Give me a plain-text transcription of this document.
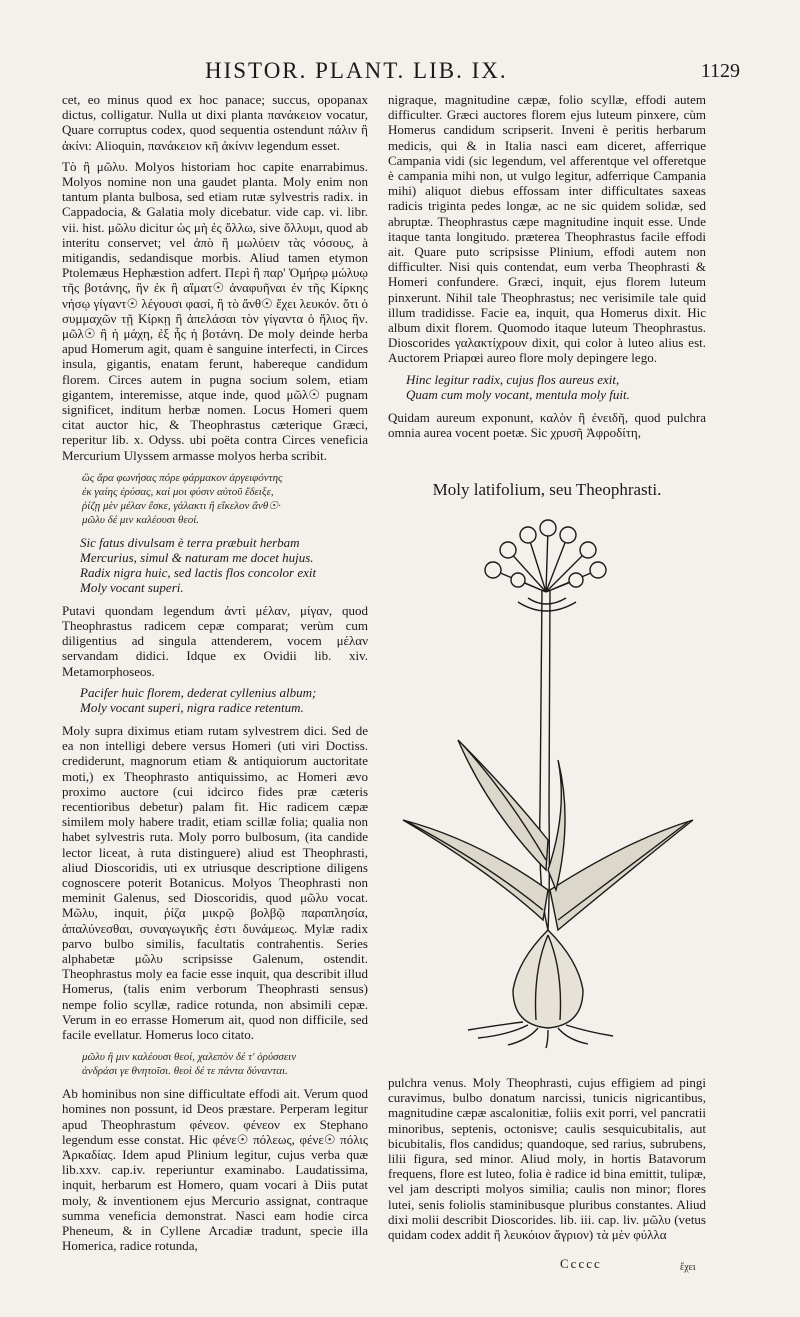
HISTOR. PLANT. LIB. IX.	1129

cet, eo minus quod ex hoc panace; succus, opopanax dictus, colligatur. Nulla ut dixi planta πανάκειον vocatur, Quare corruptus codex, quod sequentia ostendunt πάλιν ἢ ἀκίνι: Alioquin, πανάκειον κῆ ἀκίνιν legendum esset.

Τὸ ἢ μῶλυ. Molyos historiam hoc capite enarrabimus. Molyos nomine non una gaudet planta. Moly enim non tantum planta bulbosa, sed etiam rutæ sylvestris radix. in Cappadocia, & Galatia moly dicebatur. vide cap. vi. libr. vii. hist. μῶλυ dicitur ὡς μὴ ἐς ὄλλω, sive ὄλλυμι, quod ab interitu conservet; vel ἀπὸ ἢ μωλύειν τὰς νόσους, à mitigandis, sedandisque morbis. Aliud tamen etymon Ptolemæus Hephæstion adfert. Περὶ ἢ παρ' Ὁμήρῳ μώλυῳ τῆς βοτάνης, ἣν ἐκ ἢ αἵματ☉ ἀναφυῆναι ἐν τῆς Κίρκης νήσῳ γίγαντ☉ λέγουσι φασί, ἢ τὸ ἄνθ☉ ἔχει λευκόν. ὅτι ὁ συμμαχῶν τῇ Κίρκῃ ἢ ἀπελάσαι τὸν γίγαντα ὁ ἥλιος ἢν. μῶλ☉ ἢ ἡ μάχη, ἐξ ἧς ἡ βοτάνη. De moly deinde herba apud Homerum agit, quam è sanguine interfecti, in Circes insula, gigantis, enatam ferunt, habereque candidum florem. Circes autem in pugna socium solem, etiam gigantem, interemisse, atque inde, quod μῶλ☉ pugnam significet, inditum herbæ nomen. Locus Homeri quem citat auctor hic, & Theophrastus cæterique Græci, reperitur lib. x. Odyss. ubi poëta contra Circes veneficia Mercurium Ulyssem armasse molyos herba scribit.

ὣς ἄρα φωνήσας πόρε φάρμακον ἀργειφόντης
ἐκ γαίης ἐρύσας, καί μοι φύσιν αὐτοῦ ἔδειξε,
ῥίζῃ μὲν μέλαν ἔσκε, γάλακτι ἢ εἴκελον ἄνθ☉·
μῶλυ δέ μιν καλέουσι θεοί.
Sic fatus divulsam è terra præbuit herbam
Mercurius, simul & naturam me docet hujus.
Radix nigra huic, sed lactis flos concolor exit
Moly vocant superi.

Putavi quondam legendum ἀντὶ μέλαν, μίγαν, quod Theophrastus radicem cepæ comparat; verùm cum diligentius ad singula attenderem, vocem μέλαν servandam didici. Idque ex Ovidii lib. xiv. Metamorphoseos.

Pacifer huic florem, dederat cyllenius album;
Moly vocant superi, nigra radice retentum.

Moly supra diximus etiam rutam sylvestrem dici. Sed de ea non intelligi debere versus Homeri (uti viri Doctiss. crediderunt, magnorum etiam & antiquiorum auctoritate moti,) ex Theophrasto antiquissimo, ac Homeri ævo proximo auctore (cui idcirco fides præ cæteris recentioribus debetur) palam fit. Hic radicem cæpæ similem moly habere tradit, etiam scillæ folia; qualia non habet sylvestris ruta. Moly porro bulbosum, (ita candide lector liceat, à ruta distinguere) aliud est Theophrasti, aliud Dioscoridis, uti ex utriusque descriptione diligens cognoscere poterit Botanicus. Molyos Theophrasti non meminit Galenus, sed Dioscoridis, quod μῶλυ vocat. Μῶλυ, inquit, ῥίζα μικρῷ βολβῷ παραπλησία, ἁπαλύνεσθαι, συναγωγικῆς ἐστι δυνάμεως. Mylæ radix parvo bulbo similis, facultatis contrahentis. Series alphabetæ μῶλυ scripsisse Galenum, ostendit. Theophrastus moly ea facie esse inquit, qua describit illud Homerus, (talis enim verborum Theophrasti sensus) nempe folio scyllæ, radice rotunda, non absimili cepæ. Verum in eo errasse Homerum ait, quod non difficile, sed facile evellatur. Homerus loco citato.

μῶλυ ἢ μιν καλέουσι θεοί, χαλεπὸν δέ τ' ὀρύσσειν
ἀνδράσι γε θνητοῖσι. θεοὶ δέ τε πάντα δύνανται.

Ab hominibus non sine difficultate effodi ait. Verum quod homines non possunt, id Deos præstare. Perperam legitur apud Theophrastum φένεον. φένεον ex Stephano legendum esse constat. Hic φένε☉ πόλεως, φένε☉ πόλις Ἀρκαδίας. Idem apud Plinium legitur, cujus verba quæ lib.xxv. cap.iv. reperiuntur examinabo. Laudatissima, inquit, herbarum est Homero, quam vocari à Diis putat moly, & inventionem ejus Mercurio assignat, contraque summa veneficia demonstrat. Nasci eam hodie circa Pheneum, & in Cyllene Arcadiæ tradunt, specie illa Homerica, radice rotunda,

nigraque, magnitudine cæpæ, folio scyllæ, effodi autem difficulter. Græci auctores florem ejus luteum pinxere, cùm Homerus candidum scripserit. Inveni è peritis herbarum medicis, qui & in Italia nasci eam diceret, afferrique Campania vidi (sic legendum, vel afferentque vel offeretque è campania mihi non, ut vulgo legitur, adferrique Campania mihi) aliquot diebus effossam inter difficultates saxeas radicis triginta pedes longæ, ac ne sic quidem solidæ, sed abruptæ. Theophrastus cæpe magnitudine inquit esse. Unde itaque tanta longitudo. præterea Theophrastus facile effodi ait. Quare puto scripsisse Plinium, effodi autem non difficulter. Nisi quis contendat, eum verba Theophrasti & Homeri confundere. Græci, inquit, ejus florem luteum pinxerunt. Nihil tale Theophrastus; nec verisimile tale quid illum tradidisse. Facie ea, inquit, qua Homerus dixit. Hic album dixit florem. Quomodo itaque luteum Theophrastus. Dioscorides γαλακτίχρουν dixit, qui color à luteo alius est. Auctorem Priapœi aureo flore moly depingere lego.

Hinc legitur radix, cujus flos aureus exit,
Quam cum moly vocant, mentula moly fuit.

Quidam aureum exponunt, καλὸν ἢ ἐνειδῆ, quod pulchra omnia aurea vocent poetæ. Sic χρυσῆ Ἀφροδίτη,

Moly latifolium, seu Theophrasti.

pulchra venus. Moly Theophrasti, cujus effigiem ad pingi curavimus, bulbo donatum narcissi, tunicis nigricantibus, magnitudine cæpæ ascalonitiæ, foliis exit porri, vel pancratii minoribus, septenis, octonisve; caulis sesquicubitalis, aut bicubitalis, flos candidus; quandoque, sed rarius, subrubens, lilii figura, sed minor. Aliud moly, in hortis Batavorum frequens, flore est luteo, folia è radice id bina emittit, tulipæ, vel jam descripti molyos similia; caulis non minor; flores lutei, senis foliolis staminibusque pluribus constantes. Aliud dixi molii describit Dioscorides. lib. iii. cap. liv. μῶλυ (vetus quidam codex addit ἢ λευκόιον ἄγριον) τὰ μὲν φύλλα

Ccccc	ἔχει
